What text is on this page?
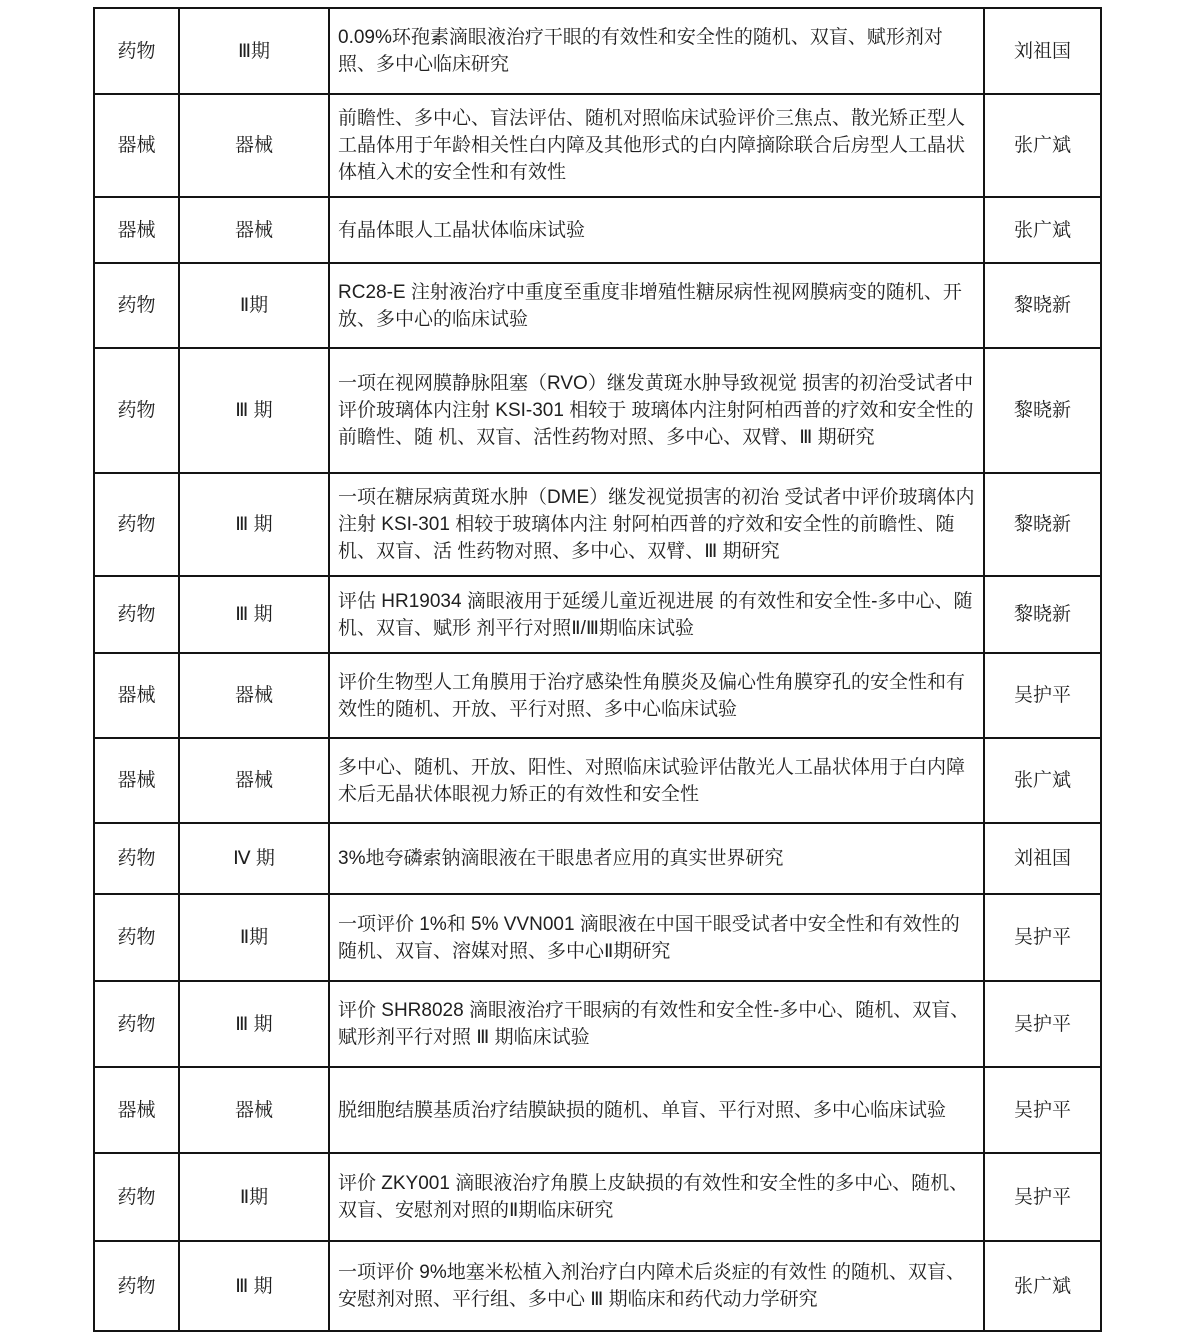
药物	Ⅲ期	0.09%环孢素滴眼液治疗干眼的有效性和安全性的随机、双盲、赋形剂对照、多中心临床研究	刘祖国
器械	器械	前瞻性、多中心、盲法评估、随机对照临床试验评价三焦点、散光矫正型人工晶体用于年龄相关性白内障及其他形式的白内障摘除联合后房型人工晶状体植入术的安全性和有效性	张广斌
器械	器械	有晶体眼人工晶状体临床试验	张广斌
药物	Ⅱ期	RC28-E 注射液治疗中重度至重度非增殖性糖尿病性视网膜病变的随机、开放、多中心的临床试验	黎晓新
药物	Ⅲ 期	一项在视网膜静脉阻塞（RVO）继发黄斑水肿导致视觉 损害的初治受试者中评价玻璃体内注射 KSI-301 相较于 玻璃体内注射阿柏西普的疗效和安全性的前瞻性、随 机、双盲、活性药物对照、多中心、双臂、Ⅲ 期研究	黎晓新
药物	Ⅲ 期	一项在糖尿病黄斑水肿（DME）继发视觉损害的初治 受试者中评价玻璃体内注射 KSI-301 相较于玻璃体内注 射阿柏西普的疗效和安全性的前瞻性、随机、双盲、活 性药物对照、多中心、双臂、Ⅲ 期研究	黎晓新
药物	Ⅲ 期	评估 HR19034 滴眼液用于延缓儿童近视进展 的有效性和安全性-多中心、随机、双盲、赋形 剂平行对照Ⅱ/Ⅲ期临床试验	黎晓新
器械	器械	评价生物型人工角膜用于治疗感染性角膜炎及偏心性角膜穿孔的安全性和有效性的随机、开放、平行对照、多中心临床试验	吴护平
器械	器械	多中心、随机、开放、阳性、对照临床试验评估散光人工晶状体用于白内障术后无晶状体眼视力矫正的有效性和安全性	张广斌
药物	Ⅳ 期	3%地夸磷索钠滴眼液在干眼患者应用的真实世界研究	刘祖国
药物	Ⅱ期	一项评价 1%和 5% VVN001 滴眼液在中国干眼受试者中安全性和有效性的随机、双盲、溶媒对照、多中心Ⅱ期研究	吴护平
药物	Ⅲ 期	评价 SHR8028 滴眼液治疗干眼病的有效性和安全性-多中心、随机、双盲、赋形剂平行对照 Ⅲ 期临床试验	吴护平
器械	器械	脱细胞结膜基质治疗结膜缺损的随机、单盲、平行对照、多中心临床试验	吴护平
药物	Ⅱ期	评价 ZKY001 滴眼液治疗角膜上皮缺损的有效性和安全性的多中心、随机、双盲、安慰剂对照的Ⅱ期临床研究	吴护平
药物	Ⅲ 期	一项评价 9%地塞米松植入剂治疗白内障术后炎症的有效性 的随机、双盲、安慰剂对照、平行组、多中心 Ⅲ 期临床和药代动力学研究	张广斌
